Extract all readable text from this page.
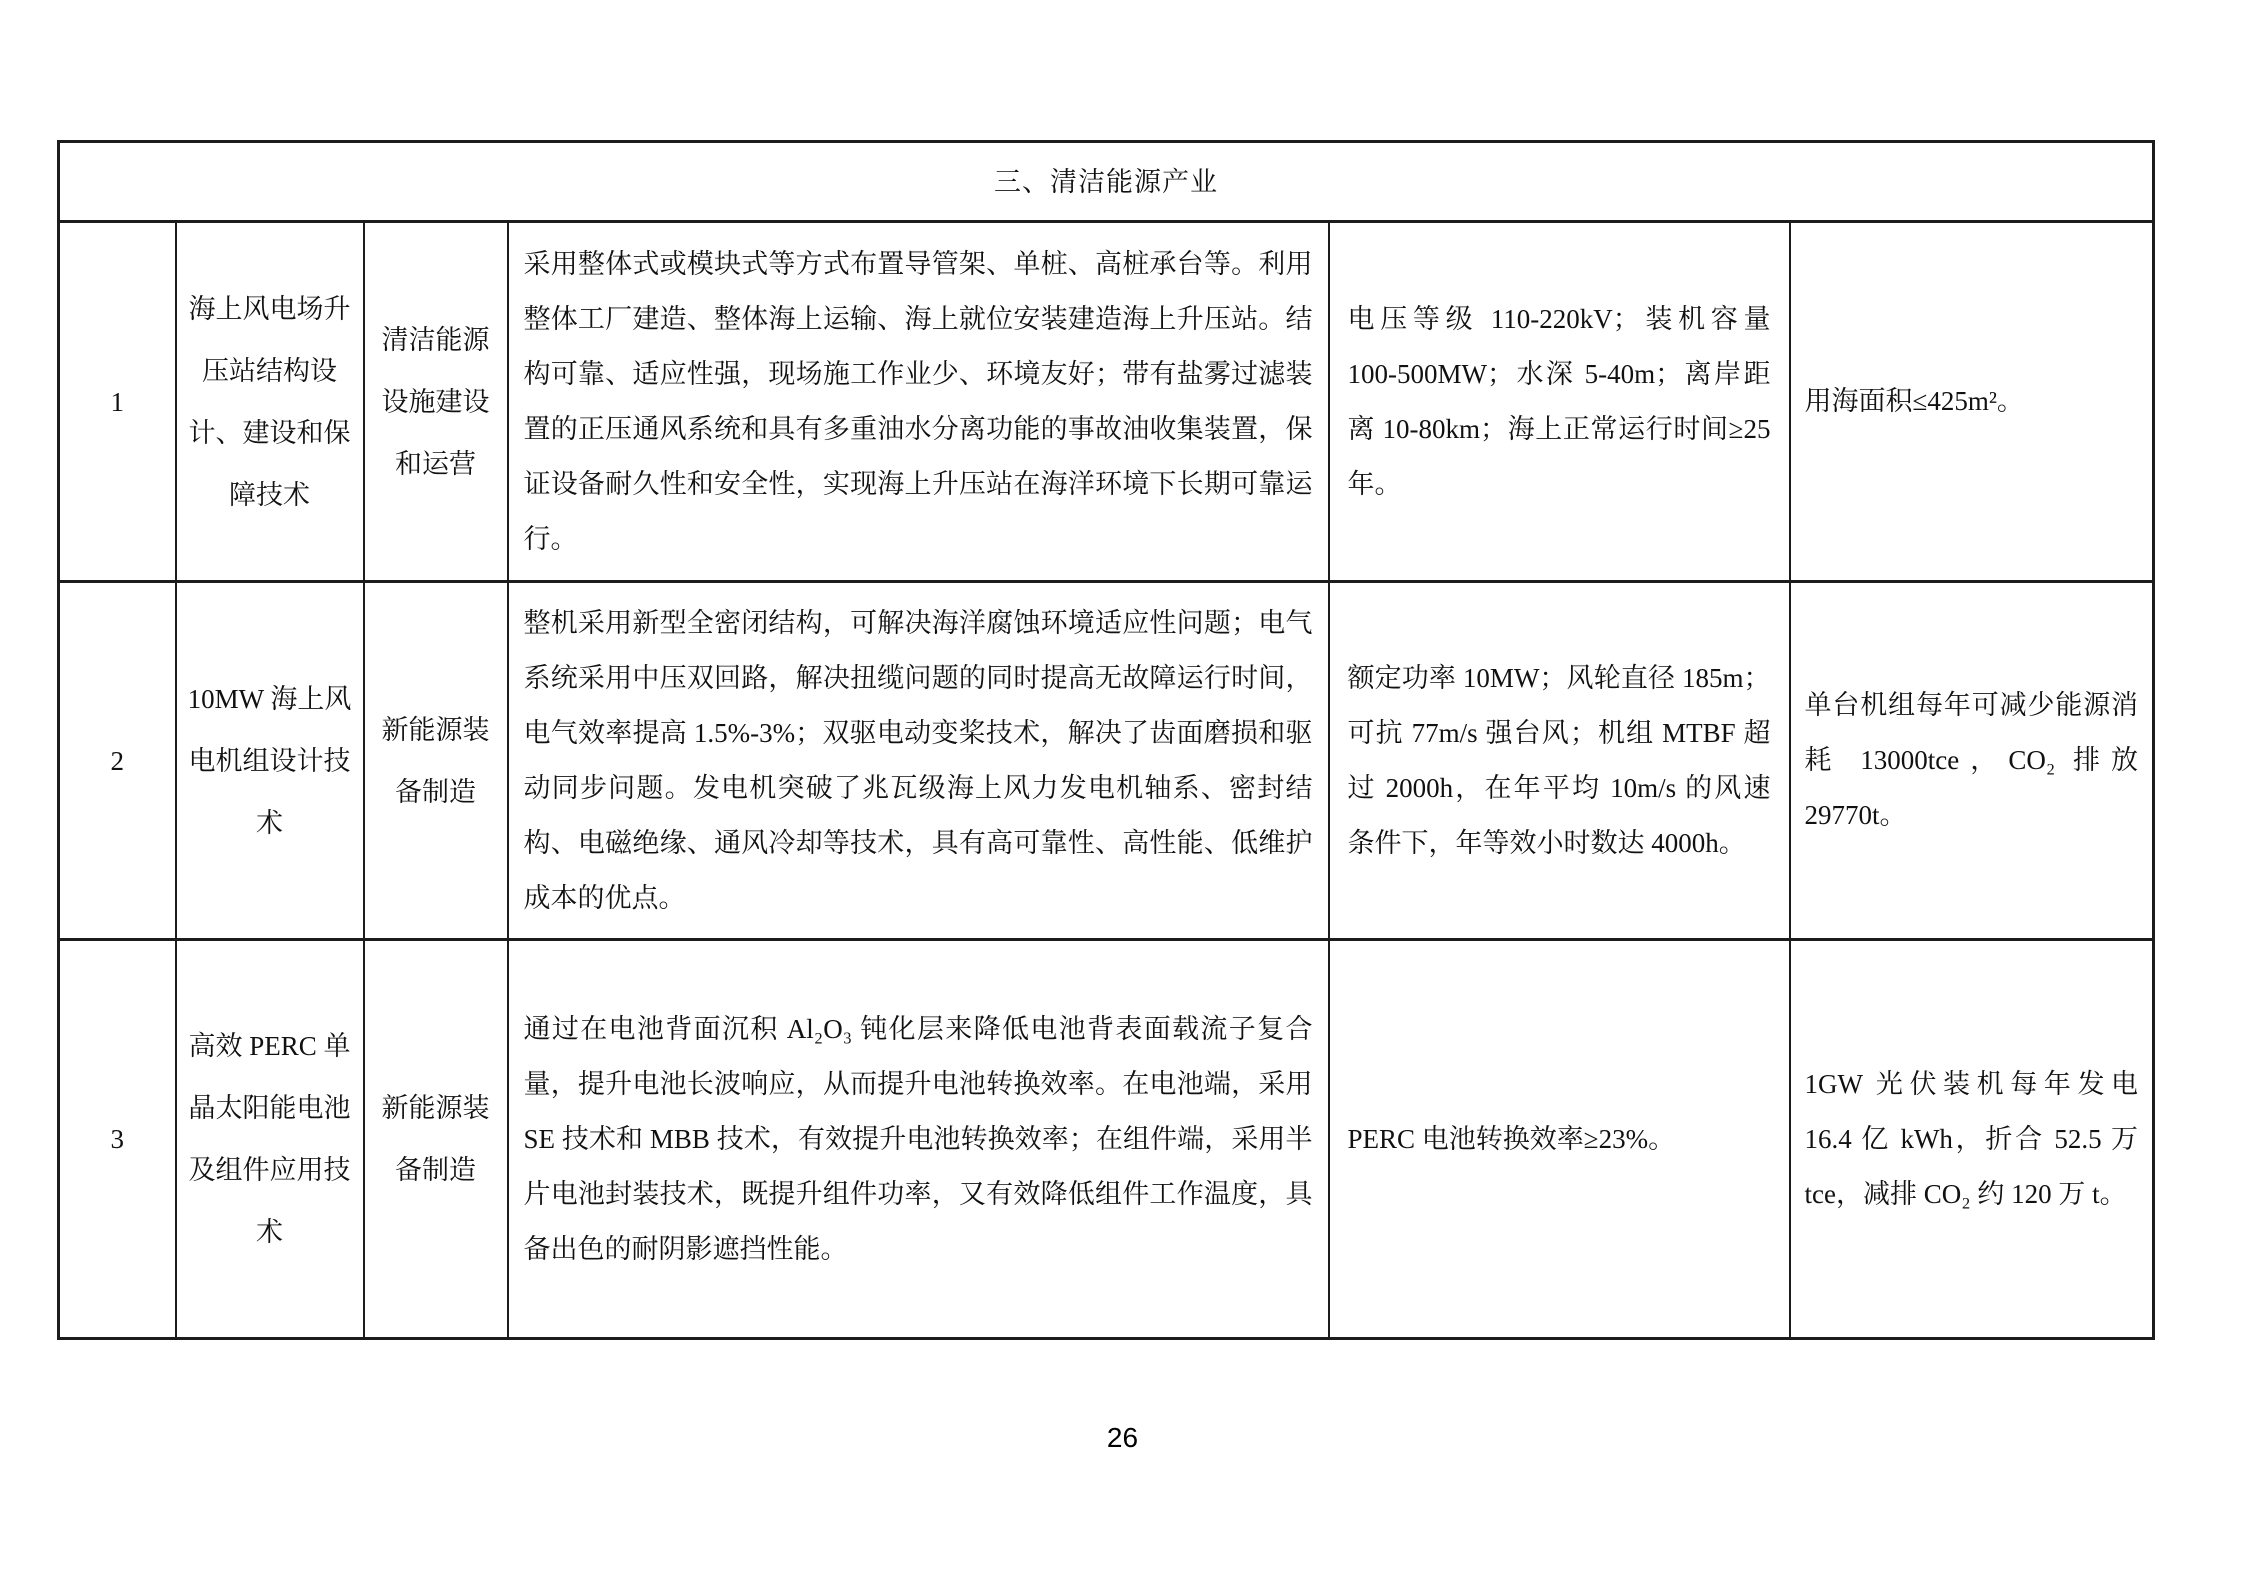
三、清洁能源产业					
1	海上风电场升压站结构设计、建设和保障技术	清洁能源设施建设和运营	采用整体式或模块式等方式布置导管架、单桩、高桩承台等。利用整体工厂建造、整体海上运输、海上就位安装建造海上升压站。结构可靠、适应性强，现场施工作业少、环境友好；带有盐雾过滤装置的正压通风系统和具有多重油水分离功能的事故油收集装置，保证设备耐久性和安全性，实现海上升压站在海洋环境下长期可靠运行。	电压等级 110-220kV；装机容量 100-500MW；水深 5-40m；离岸距离 10-80km；海上正常运行时间≥25年。	用海面积≤425m²。
2	10MW 海上风电机组设计技术	新能源装备制造	整机采用新型全密闭结构，可解决海洋腐蚀环境适应性问题；电气系统采用中压双回路，解决扭缆问题的同时提高无故障运行时间，电气效率提高 1.5%-3%；双驱电动变桨技术，解决了齿面磨损和驱动同步问题。发电机突破了兆瓦级海上风力发电机轴系、密封结构、电磁绝缘、通风冷却等技术，具有高可靠性、高性能、低维护成本的优点。	额定功率 10MW；风轮直径 185m；可抗 77m/s 强台风；机组 MTBF 超过 2000h，在年平均 10m/s 的风速条件下，年等效小时数达 4000h。	单台机组每年可减少能源消耗 13000tce，CO₂ 排放 29770t。
3	高效 PERC 单晶太阳能电池及组件应用技术	新能源装备制造	通过在电池背面沉积 Al₂O₃ 钝化层来降低电池背表面载流子复合量，提升电池长波响应，从而提升电池转换效率。在电池端，采用 SE 技术和 MBB 技术，有效提升电池转换效率；在组件端，采用半片电池封装技术，既提升组件功率，又有效降低组件工作温度，具备出色的耐阴影遮挡性能。	PERC 电池转换效率≥23%。	1GW 光伏装机每年发电 16.4 亿 kWh，折合 52.5 万 tce，减排 CO₂ 约 120 万 t。
26
